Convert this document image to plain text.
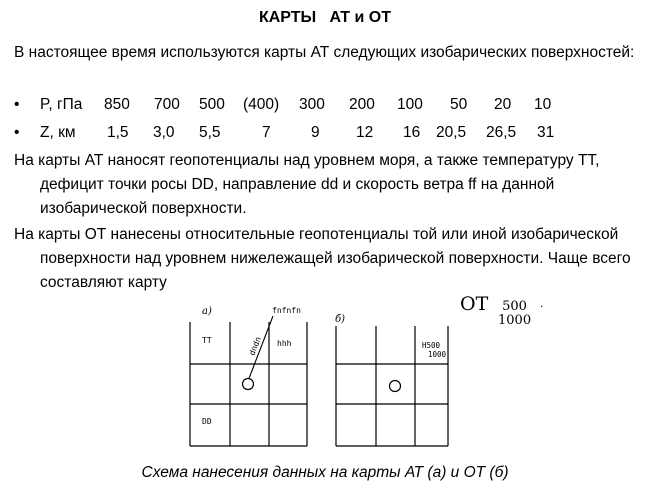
КАРТЫ   АТ и ОТ
В настоящее время используются карты АТ следующих изобарических поверхностей:
• P, гПа 850 700 500 (400) 300 200 100 50 20 10
• Z, км 1,5 3,0 5,5	7	9 12 16 20,5 26,5 31
На карты АТ наносят геопотенциалы над уровнем моря, а также температуру ТТ, дефицит точки росы DD, направление dd и скорость ветра ff на данной изобарической поверхности.
На карты ОТ нанесены относительные геопотенциалы той или иной изобарической поверхности над уровнем нижележащей изобарической поверхности. Чаще всего составляют карту
.
ОТ	500
1000
а)
ТТ	hhh
DD
fnfnfn
dndn
б)
Н500
1000
Схема нанесения данных на карты АТ (а) и ОТ (б)
